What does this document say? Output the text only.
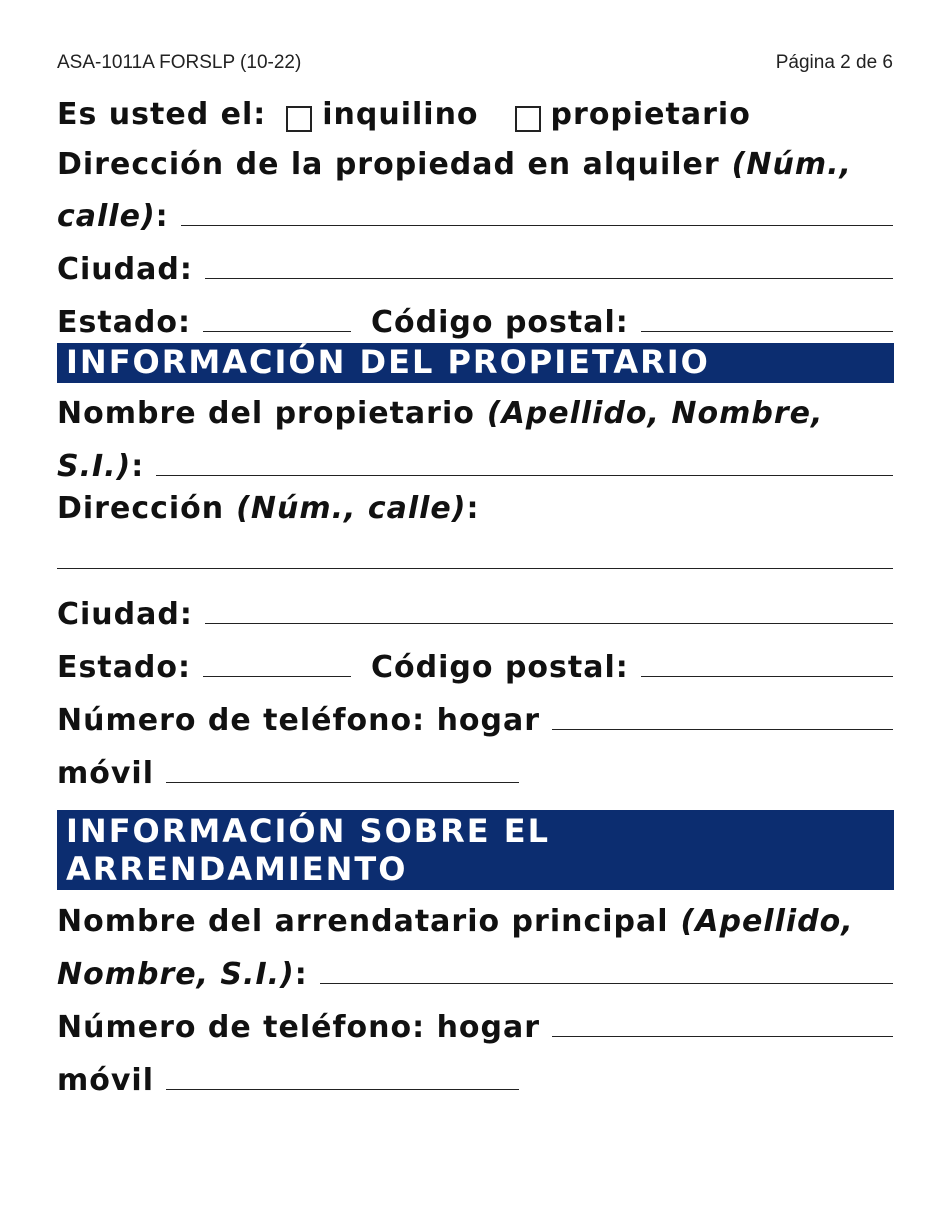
ASA-1011A FORSLP (10-22)	Página 2 de 6
Es usted el: inquilino propietario
Dirección de la propiedad en alquiler (Núm.,
calle):
Ciudad:
Estado:	Código postal:
INFORMACIÓN DEL PROPIETARIO
Nombre del propietario (Apellido, Nombre,
S.I.):
Dirección (Núm., calle):
Ciudad:
Estado:	Código postal:
Número de teléfono: hogar
móvil
INFORMACIÓN SOBRE EL
ARRENDAMIENTO
Nombre del arrendatario principal (Apellido,
Nombre, S.I.):
Número de teléfono: hogar
móvil
